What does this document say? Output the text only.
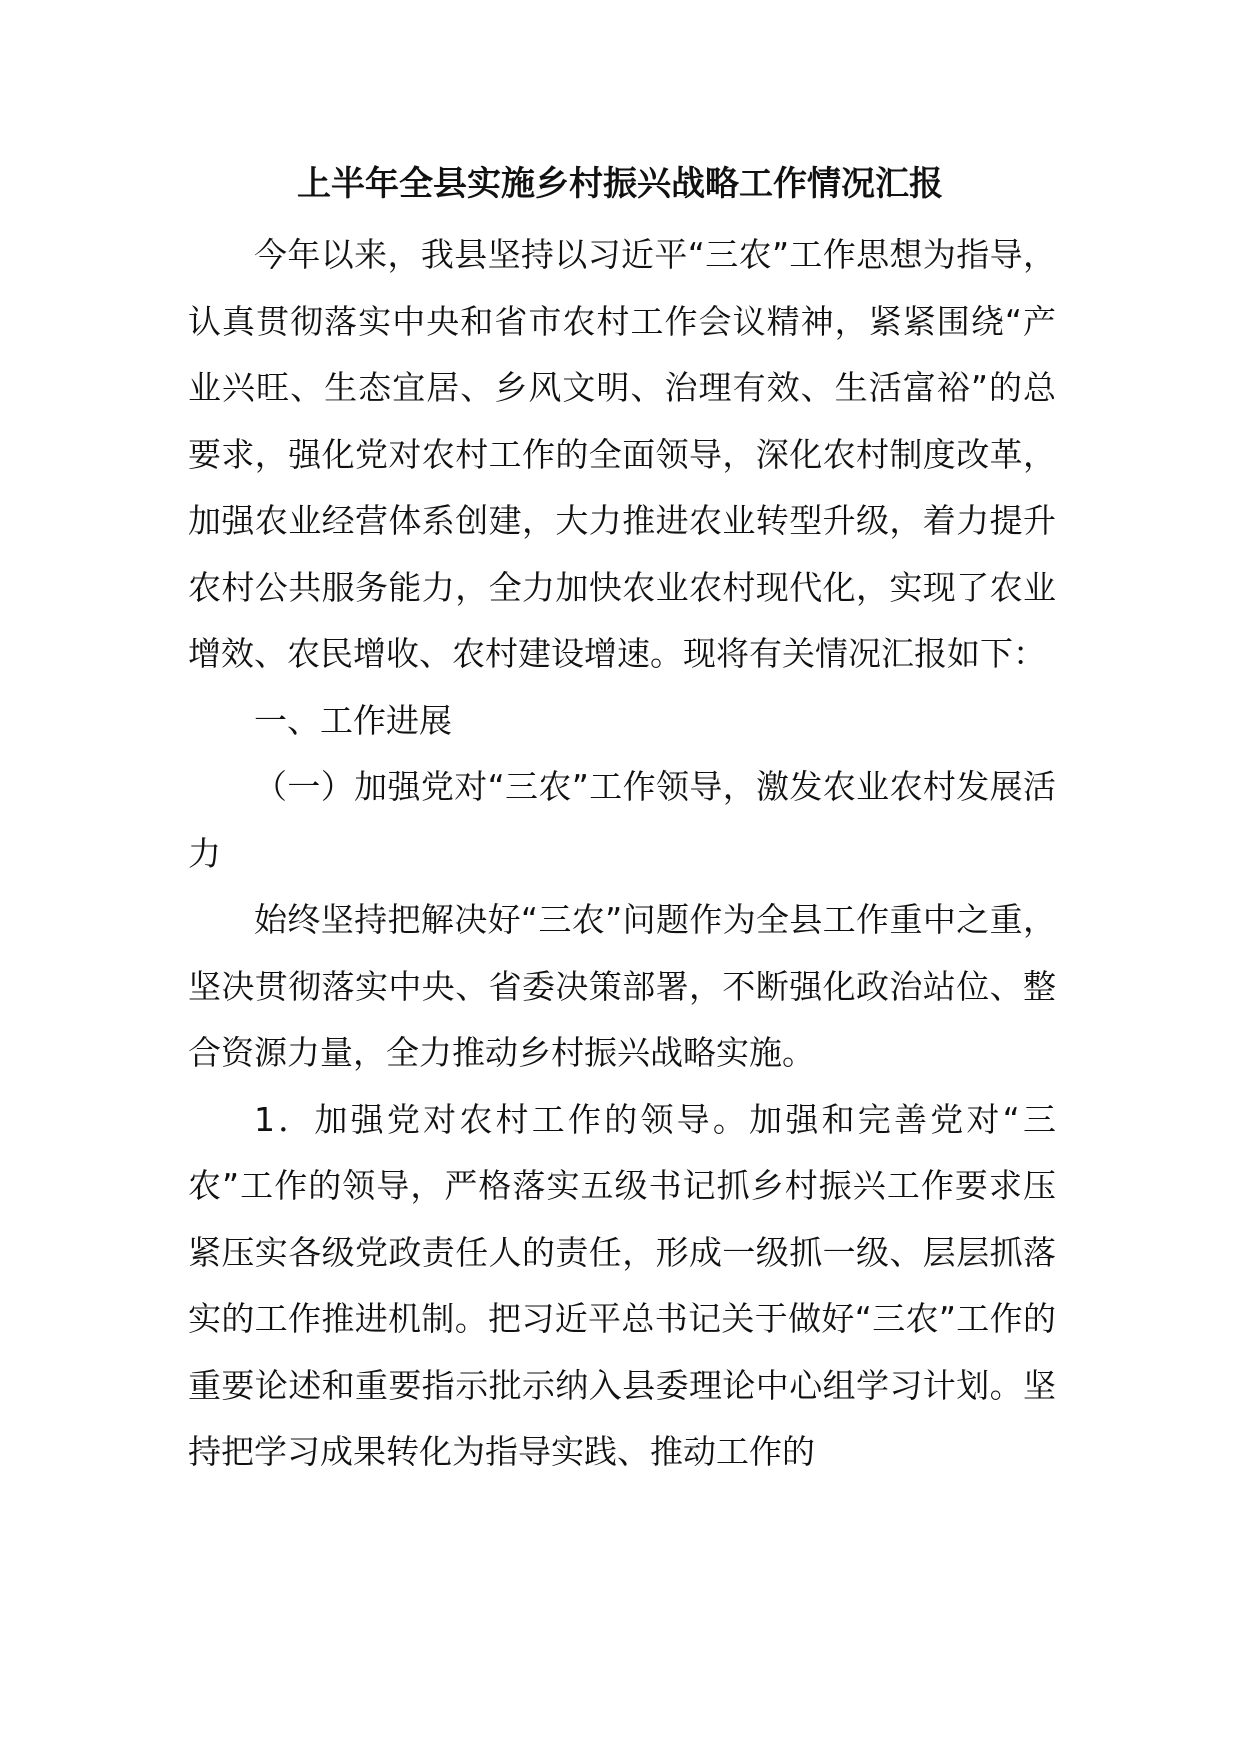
上半年全县实施乡村振兴战略工作情况汇报

今年以来，我县坚持以习近平“三农”工作思想为指导，认真贯彻落实中央和省市农村工作会议精神，紧紧围绕“产业兴旺、生态宜居、乡风文明、治理有效、生活富裕”的总要求，强化党对农村工作的全面领导，深化农村制度改革，加强农业经营体系创建，大力推进农业转型升级，着力提升农村公共服务能力，全力加快农业农村现代化，实现了农业增效、农民增收、农村建设增速。现将有关情况汇报如下：

一、工作进展

（一）加强党对“三农”工作领导，激发农业农村发展活力

始终坚持把解决好“三农”问题作为全县工作重中之重，坚决贯彻落实中央、省委决策部署，不断强化政治站位、整合资源力量，全力推动乡村振兴战略实施。

1．加强党对农村工作的领导。加强和完善党对“三农”工作的领导，严格落实五级书记抓乡村振兴工作要求压紧压实各级党政责任人的责任，形成一级抓一级、层层抓落实的工作推进机制。把习近平总书记关于做好“三农”工作的重要论述和重要指示批示纳入县委理论中心组学习计划。坚持把学习成果转化为指导实践、推动工作的
